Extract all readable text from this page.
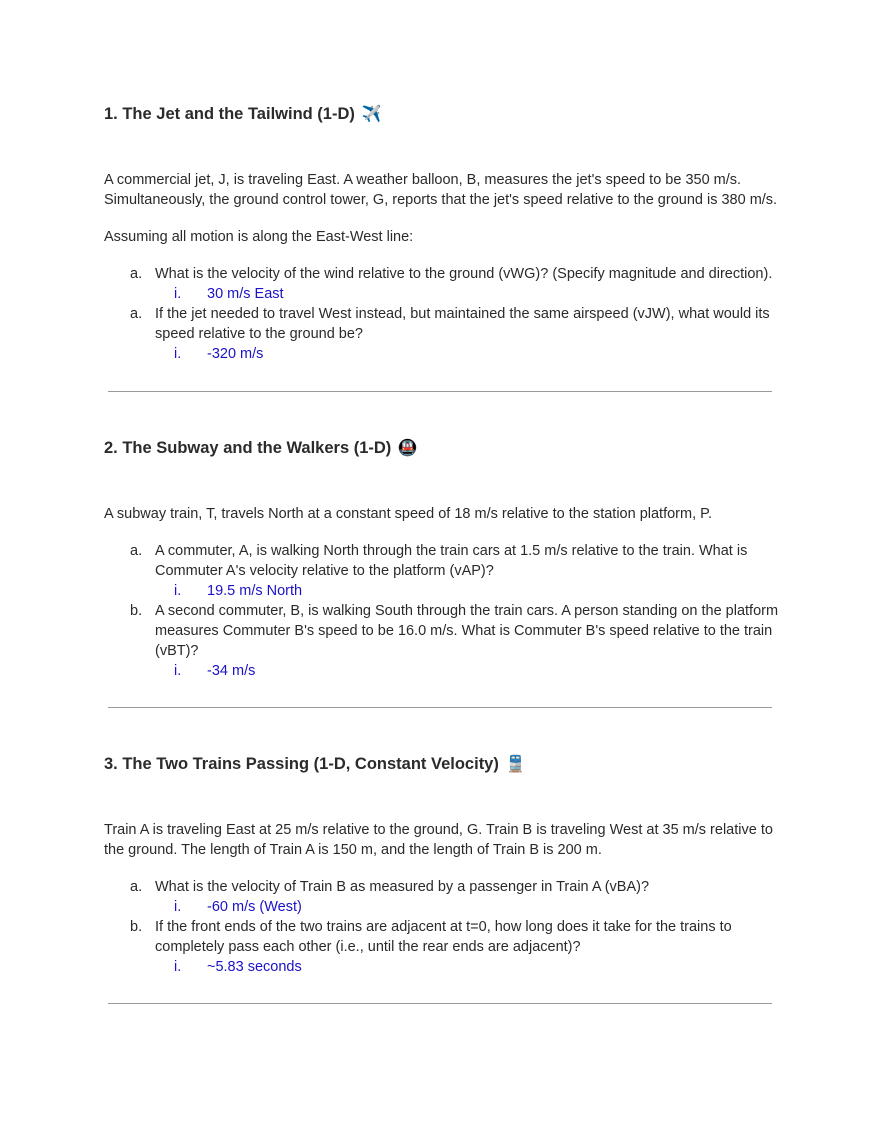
1. The Jet and the Tailwind (1-D) ✈️

A commercial jet, J, is traveling East. A weather balloon, B, measures the jet's speed to be 350 m/s. Simultaneously, the ground control tower, G, reports that the jet's speed relative to the ground is 380 m/s.

Assuming all motion is along the East-West line:

a. What is the velocity of the wind relative to the ground (vWG)? (Specify magnitude and direction).
i. 30 m/s East
a. If the jet needed to travel West instead, but maintained the same airspeed (vJW), what would its speed relative to the ground be?
i. -320 m/s
2. The Subway and the Walkers (1-D) 🚇

A subway train, T, travels North at a constant speed of 18 m/s relative to the station platform, P.

a. A commuter, A, is walking North through the train cars at 1.5 m/s relative to the train. What is Commuter A's velocity relative to the platform (vAP)?
i. 19.5 m/s North
b. A second commuter, B, is walking South through the train cars. A person standing on the platform measures Commuter B's speed to be 16.0 m/s. What is Commuter B's speed relative to the train (vBT)?
i. -34 m/s
3. The Two Trains Passing (1-D, Constant Velocity) 🚆

Train A is traveling East at 25 m/s relative to the ground, G. Train B is traveling West at 35 m/s relative to the ground. The length of Train A is 150 m, and the length of Train B is 200 m.

a. What is the velocity of Train B as measured by a passenger in Train A (vBA)?
i. -60 m/s (West)
b. If the front ends of the two trains are adjacent at t=0, how long does it take for the trains to completely pass each other (i.e., until the rear ends are adjacent)?
i. ~5.83 seconds
